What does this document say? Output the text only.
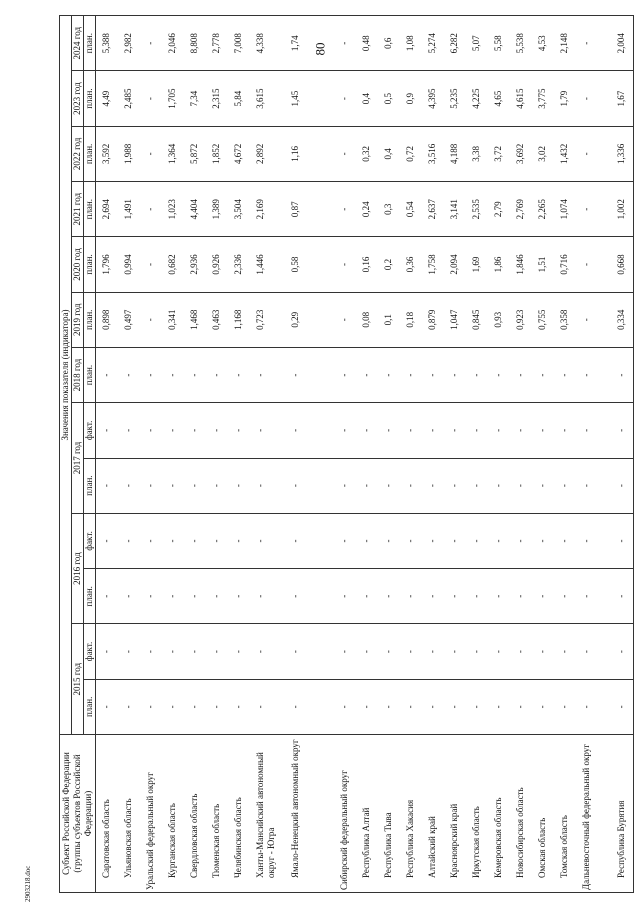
80
Субъект Российской Федерации (группы субъектов Российской Федерации)	Значения показателя (индикатора)												
	2015 год		2016 год		2017 год		2018 год	2019 год	2020 год	2021 год	2022 год	2023 год	2024 год
	план.	факт.	план.	факт.	план.	факт.	план.	план.	план.	план.	план.	план.	план.
Саратовская область	-	-	-	-	-	-	-	0,898	1,796	2,694	3,592	4,49	5,388
Ульяновская область	-	-	-	-	-	-	-	0,497	0,994	1,491	1,988	2,485	2,982
Уральский федеральный округ	-	-	-	-	-	-	-	-	-	-	-	-	-
Курганская область	-	-	-	-	-	-	-	0,341	0,682	1,023	1,364	1,705	2,046
Свердловская область	-	-	-	-	-	-	-	1,468	2,936	4,404	5,872	7,34	8,808
Тюменская область	-	-	-	-	-	-	-	0,463	0,926	1,389	1,852	2,315	2,778
Челябинская область	-	-	-	-	-	-	-	1,168	2,336	3,504	4,672	5,84	7,008
Ханты-Мансийский автономный округ - Югра	-	-	-	-	-	-	-	0,723	1,446	2,169	2,892	3,615	4,338
Ямало-Ненецкий автономный округ	-	-	-	-	-	-	-	0,29	0,58	0,87	1,16	1,45	1,74

Сибирский федеральный округ	-	-	-	-	-	-	-	-	-	-	-	-	-
Республика Алтай	-	-	-	-	-	-	-	0,08	0,16	0,24	0,32	0,4	0,48
Республика Тыва	-	-	-	-	-	-	-	0,1	0,2	0,3	0,4	0,5	0,6
Республика Хакасия	-	-	-	-	-	-	-	0,18	0,36	0,54	0,72	0,9	1,08
Алтайский край	-	-	-	-	-	-	-	0,879	1,758	2,637	3,516	4,395	5,274
Красноярский край	-	-	-	-	-	-	-	1,047	2,094	3,141	4,188	5,235	6,282
Иркутская область	-	-	-	-	-	-	-	0,845	1,69	2,535	3,38	4,225	5,07
Кемеровская область	-	-	-	-	-	-	-	0,93	1,86	2,79	3,72	4,65	5,58
Новосибирская область	-	-	-	-	-	-	-	0,923	1,846	2,769	3,692	4,615	5,538
Омская область	-	-	-	-	-	-	-	0,755	1,51	2,265	3,02	3,775	4,53
Томская область	-	-	-	-	-	-	-	0,358	0,716	1,074	1,432	1,79	2,148
Дальневосточный федеральный округ	-	-	-	-	-	-	-	-	-	-	-	-	-
Республика Бурятия	-	-	-	-	-	-	-	0,334	0,668	1,002	1,336	1,67	2,004
2903218.doc
